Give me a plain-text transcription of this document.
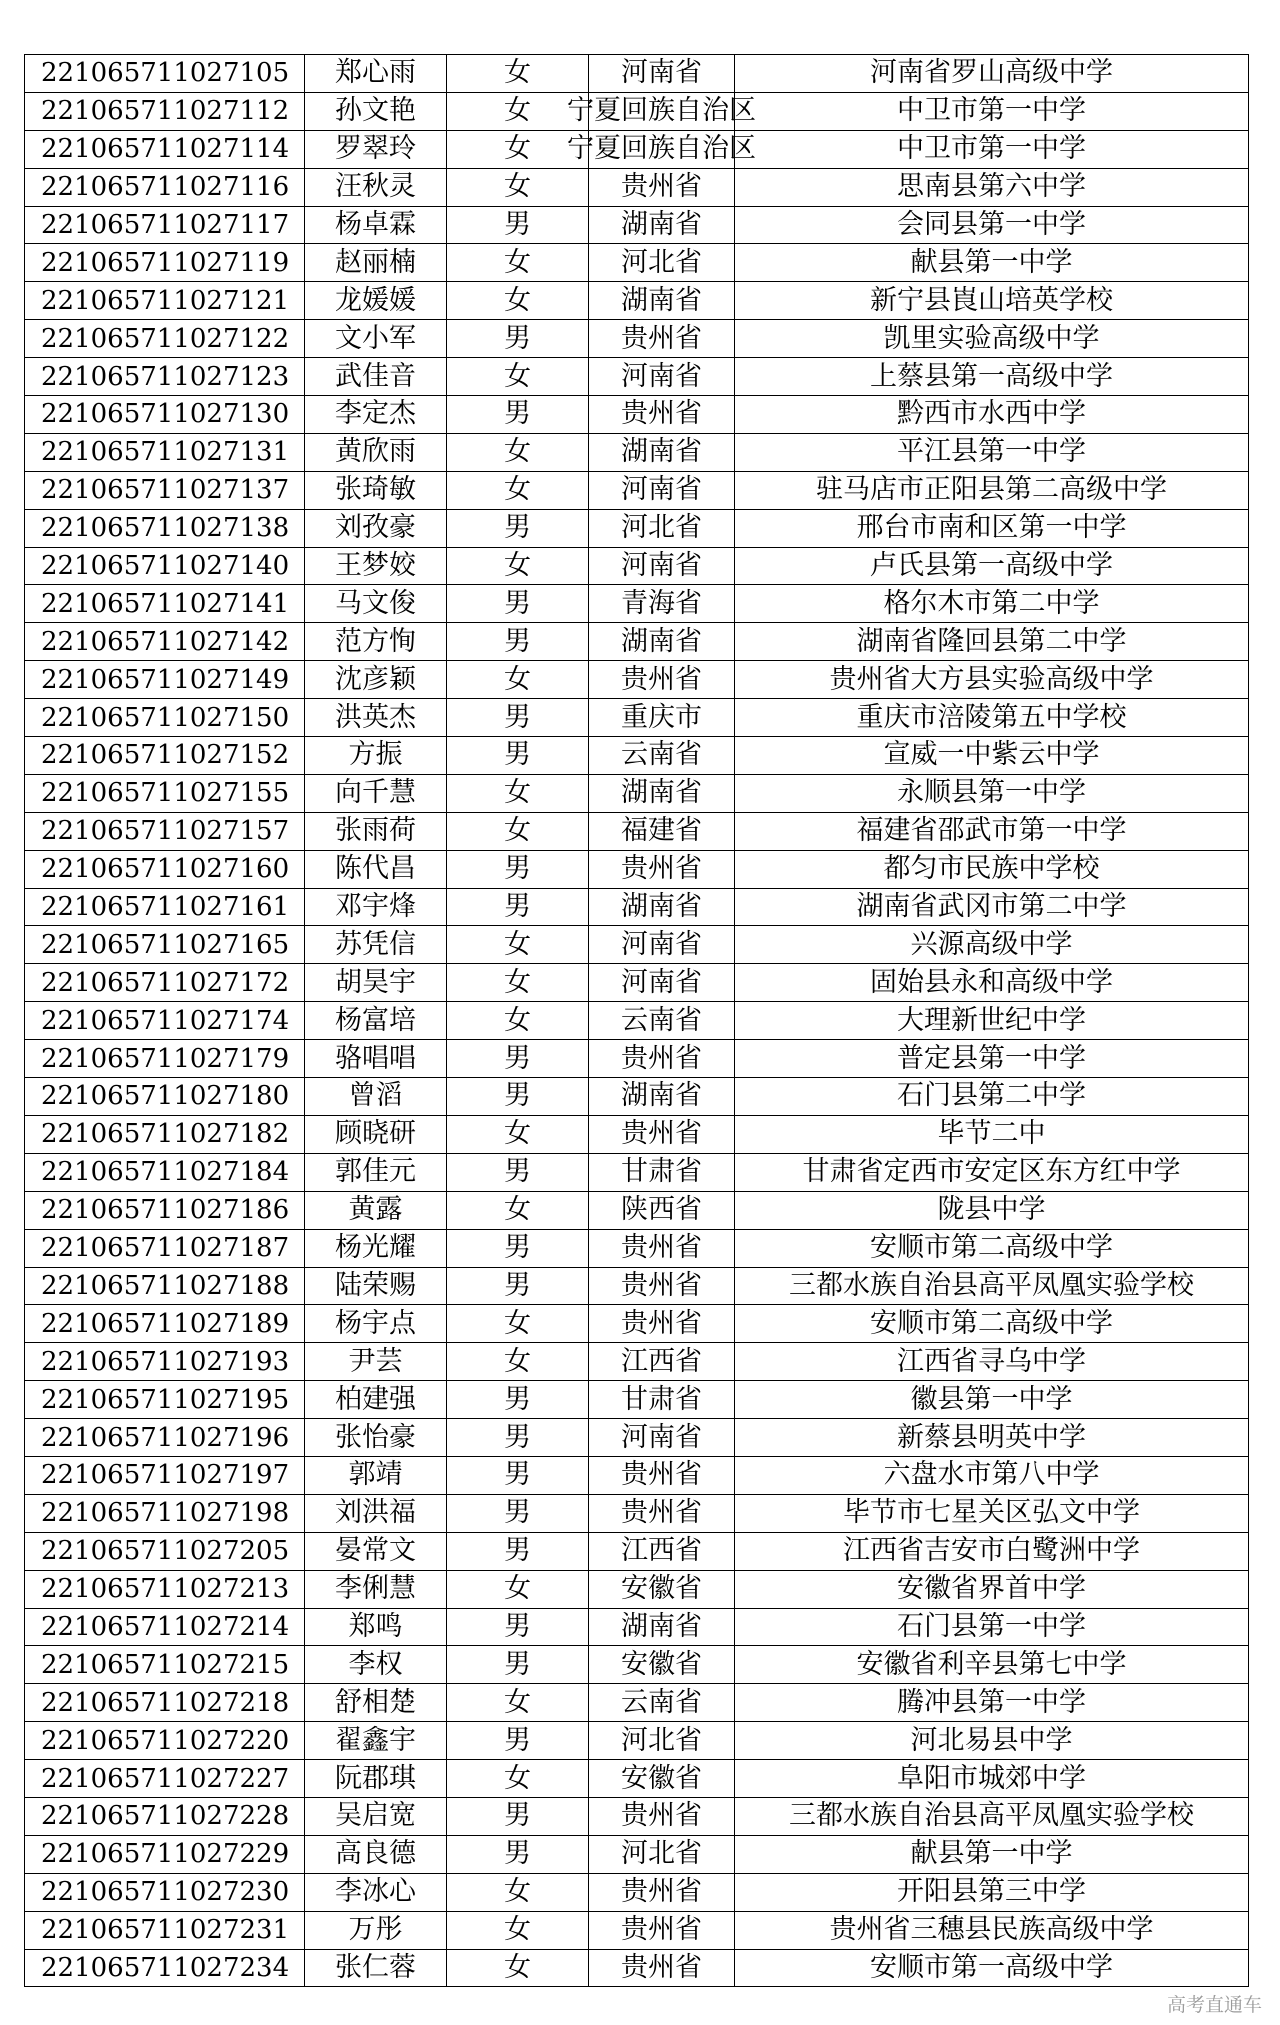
221065711027105	郑心雨	女	河南省	河南省罗山高级中学
221065711027112	孙文艳	女	宁夏回族自治区	中卫市第一中学
221065711027114	罗翠玲	女	宁夏回族自治区	中卫市第一中学
221065711027116	汪秋灵	女	贵州省	思南县第六中学
221065711027117	杨卓霖	男	湖南省	会同县第一中学
221065711027119	赵丽楠	女	河北省	献县第一中学
221065711027121	龙媛媛	女	湖南省	新宁县崀山培英学校
221065711027122	文小军	男	贵州省	凯里实验高级中学
221065711027123	武佳音	女	河南省	上蔡县第一高级中学
221065711027130	李定杰	男	贵州省	黔西市水西中学
221065711027131	黄欣雨	女	湖南省	平江县第一中学
221065711027137	张琦敏	女	河南省	驻马店市正阳县第二高级中学
221065711027138	刘孜豪	男	河北省	邢台市南和区第一中学
221065711027140	王梦姣	女	河南省	卢氏县第一高级中学
221065711027141	马文俊	男	青海省	格尔木市第二中学
221065711027142	范方恂	男	湖南省	湖南省隆回县第二中学
221065711027149	沈彦颖	女	贵州省	贵州省大方县实验高级中学
221065711027150	洪英杰	男	重庆市	重庆市涪陵第五中学校
221065711027152	方振	男	云南省	宣威一中紫云中学
221065711027155	向千慧	女	湖南省	永顺县第一中学
221065711027157	张雨荷	女	福建省	福建省邵武市第一中学
221065711027160	陈代昌	男	贵州省	都匀市民族中学校
221065711027161	邓宇烽	男	湖南省	湖南省武冈市第二中学
221065711027165	苏凭信	女	河南省	兴源高级中学
221065711027172	胡昊宇	女	河南省	固始县永和高级中学
221065711027174	杨富培	女	云南省	大理新世纪中学
221065711027179	骆唱唱	男	贵州省	普定县第一中学
221065711027180	曾滔	男	湖南省	石门县第二中学
221065711027182	顾晓研	女	贵州省	毕节二中
221065711027184	郭佳元	男	甘肃省	甘肃省定西市安定区东方红中学
221065711027186	黄露	女	陕西省	陇县中学
221065711027187	杨光耀	男	贵州省	安顺市第二高级中学
221065711027188	陆荣赐	男	贵州省	三都水族自治县高平凤凰实验学校
221065711027189	杨宇点	女	贵州省	安顺市第二高级中学
221065711027193	尹芸	女	江西省	江西省寻乌中学
221065711027195	柏建强	男	甘肃省	徽县第一中学
221065711027196	张怡豪	男	河南省	新蔡县明英中学
221065711027197	郭靖	男	贵州省	六盘水市第八中学
221065711027198	刘洪福	男	贵州省	毕节市七星关区弘文中学
221065711027205	晏常文	男	江西省	江西省吉安市白鹭洲中学
221065711027213	李俐慧	女	安徽省	安徽省界首中学
221065711027214	郑鸣	男	湖南省	石门县第一中学
221065711027215	李权	男	安徽省	安徽省利辛县第七中学
221065711027218	舒相楚	女	云南省	腾冲县第一中学
221065711027220	翟鑫宇	男	河北省	河北易县中学
221065711027227	阮郡琪	女	安徽省	阜阳市城郊中学
221065711027228	吴启宽	男	贵州省	三都水族自治县高平凤凰实验学校
221065711027229	高良德	男	河北省	献县第一中学
221065711027230	李冰心	女	贵州省	开阳县第三中学
221065711027231	万彤	女	贵州省	贵州省三穗县民族高级中学
221065711027234	张仁蓉	女	贵州省	安顺市第一高级中学
高考直通车
